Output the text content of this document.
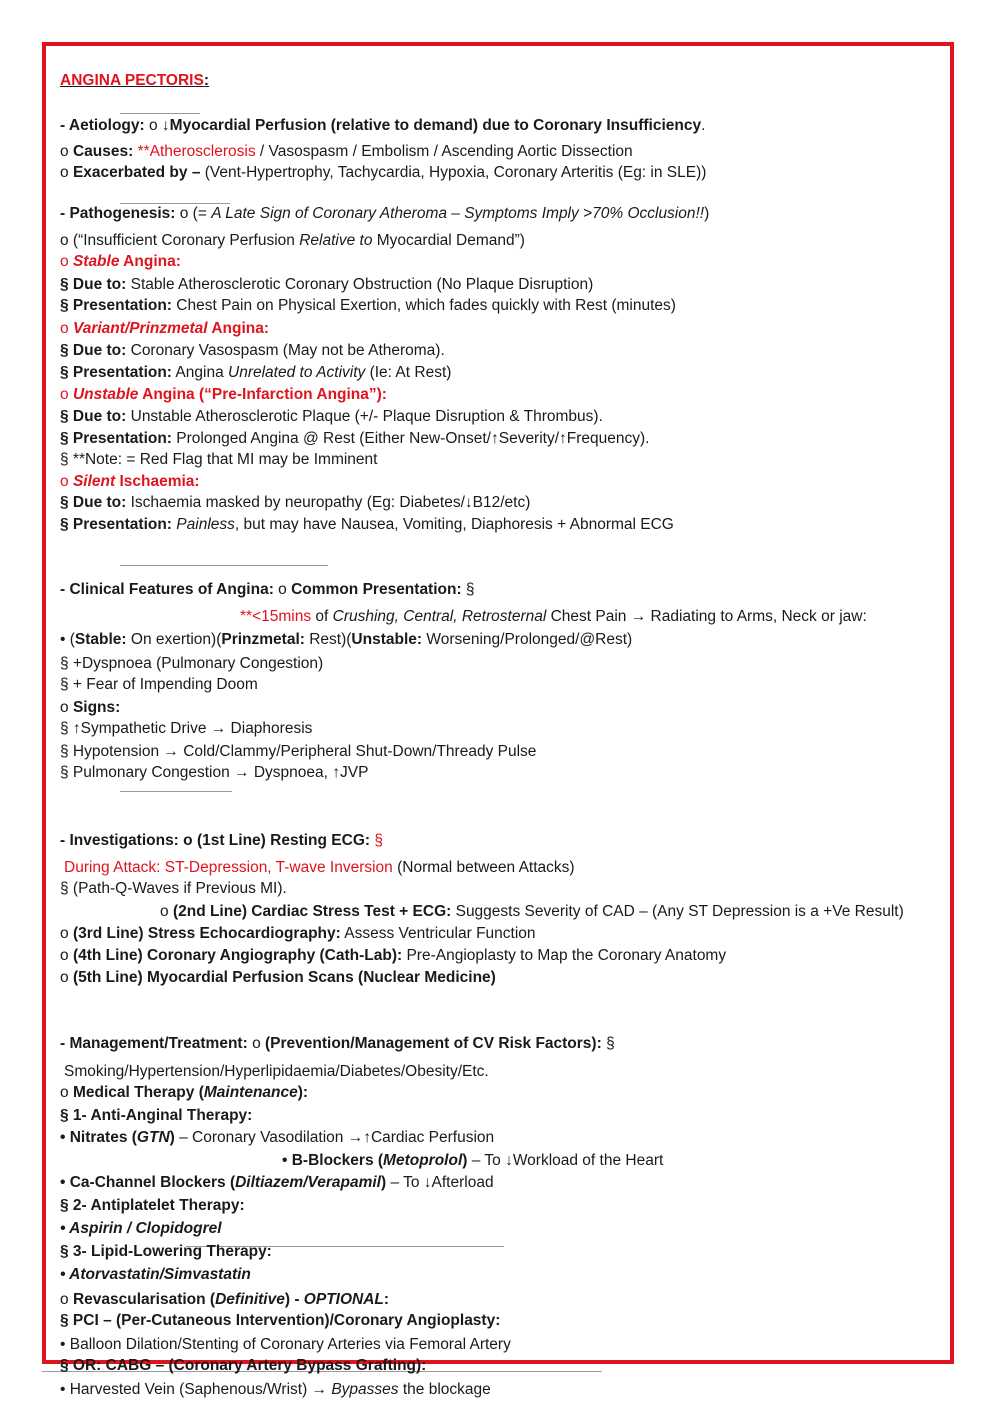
ANGINA PECTORIS:
- Aetiology: o ↓Myocardial Perfusion (relative to demand) due to Coronary Insufficiency.
o Causes: **Atherosclerosis / Vasospasm / Embolism / Ascending Aortic Dissection
o Exacerbated by – (Vent-Hypertrophy, Tachycardia, Hypoxia, Coronary Arteritis (Eg: in SLE))
- Pathogenesis: o (= A Late Sign of Coronary Atheroma – Symptoms Imply >70% Occlusion!!)
o (“Insufficient Coronary Perfusion Relative to Myocardial Demand”)
o Stable Angina:
§ Due to: Stable Atherosclerotic Coronary Obstruction (No Plaque Disruption)
§ Presentation: Chest Pain on Physical Exertion, which fades quickly with Rest (minutes)
o Variant/Prinzmetal Angina:
§ Due to: Coronary Vasospasm (May not be Atheroma).
§ Presentation: Angina Unrelated to Activity (Ie: At Rest)
o Unstable Angina (“Pre-Infarction Angina”):
§ Due to: Unstable Atherosclerotic Plaque (+/- Plaque Disruption & Thrombus).
§ Presentation: Prolonged Angina @ Rest (Either New-Onset/↑Severity/↑Frequency).
§ **Note: = Red Flag that MI may be Imminent
o Silent Ischaemia:
§ Due to: Ischaemia masked by neuropathy (Eg: Diabetes/↓B12/etc)
§ Presentation: Painless, but may have Nausea, Vomiting, Diaphoresis + Abnormal ECG
- Clinical Features of Angina: o Common Presentation: §
**<15mins of Crushing, Central, Retrosternal Chest Pain → Radiating to Arms, Neck or jaw:
• (Stable: On exertion)(Prinzmetal: Rest)(Unstable: Worsening/Prolonged/@Rest)
§ +Dyspnoea (Pulmonary Congestion)
§ + Fear of Impending Doom
o Signs:
§ ↑Sympathetic Drive → Diaphoresis
§ Hypotension → Cold/Clammy/Peripheral Shut-Down/Thready Pulse
§ Pulmonary Congestion → Dyspnoea, ↑JVP
- Investigations: o (1st Line) Resting ECG: §
During Attack: ST-Depression, T-wave Inversion (Normal between Attacks)
§ (Path-Q-Waves if Previous MI).
o (2nd Line) Cardiac Stress Test + ECG: Suggests Severity of CAD – (Any ST Depression is a +Ve Result)
o (3rd Line) Stress Echocardiography: Assess Ventricular Function
o (4th Line) Coronary Angiography (Cath-Lab): Pre-Angioplasty to Map the Coronary Anatomy
o (5th Line) Myocardial Perfusion Scans (Nuclear Medicine)
- Management/Treatment: o (Prevention/Management of CV Risk Factors): §
Smoking/Hypertension/Hyperlipidaemia/Diabetes/Obesity/Etc.
o Medical Therapy (Maintenance):
§ 1- Anti-Anginal Therapy:
• Nitrates (GTN) – Coronary Vasodilation →↑Cardiac Perfusion
• B-Blockers (Metoprolol) – To ↓Workload of the Heart
• Ca-Channel Blockers (Diltiazem/Verapamil) – To ↓Afterload
§ 2- Antiplatelet Therapy:
• Aspirin / Clopidogrel
§ 3- Lipid-Lowering Therapy:
• Atorvastatin/Simvastatin
o Revascularisation (Definitive) - OPTIONAL:
§ PCI – (Per-Cutaneous Intervention)/Coronary Angioplasty:
• Balloon Dilation/Stenting of Coronary Arteries via Femoral Artery
§ OR: CABG – (Coronary Artery Bypass Grafting):
• Harvested Vein (Saphenous/Wrist) → Bypasses the blockage
